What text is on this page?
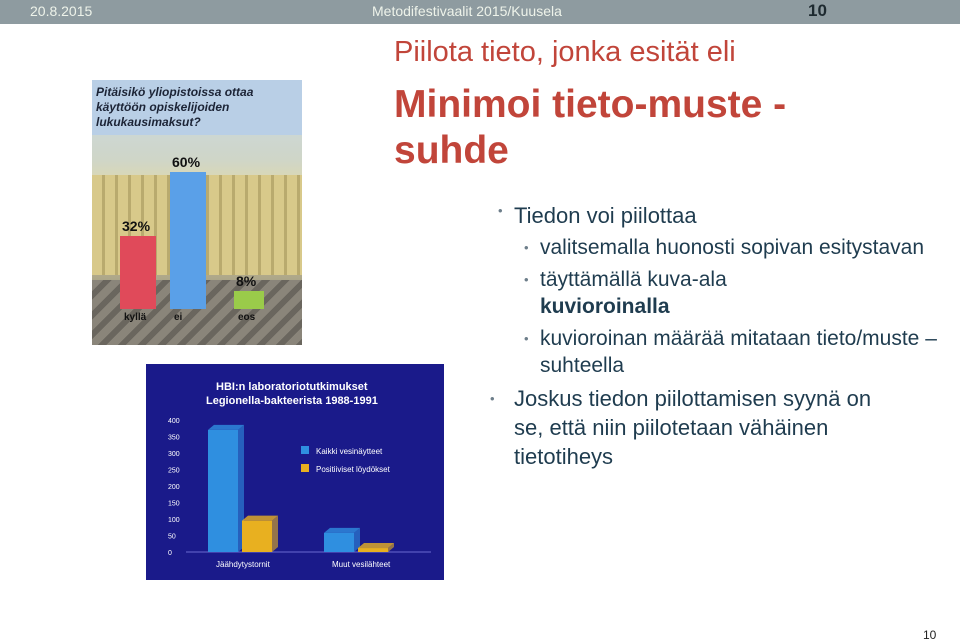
20.8.2015	Metodifestivaalit 2015/Kuusela	10
Piilota tieto, jonka esität eli
Minimoi tieto-muste - suhde
Pitäisikö yliopistoissa ottaa käyttöön opiskelijoiden lukukausimaksut?
32%
kyllä
60%
ei
8%
eos
HBI:n laboratoriotutkimukset
Legionella-bakteerista 1988-1991
0
50
100
150
200
250
300
350
400
Kaikki vesinäytteet
Positiiviset löydökset
Jäähdytystornit	Muut vesilähteet
• Tiedon voi piilottaa
• valitsemalla huonosti sopivan esitystavan
• täyttämällä kuva-ala
kuvioroinalla
• kuvioroinan määrää mitataan tieto/muste –suhteella
• Joskus tiedon piilottamisen syynä on se, että niin piilotetaan vähäinen tietotiheys
10
